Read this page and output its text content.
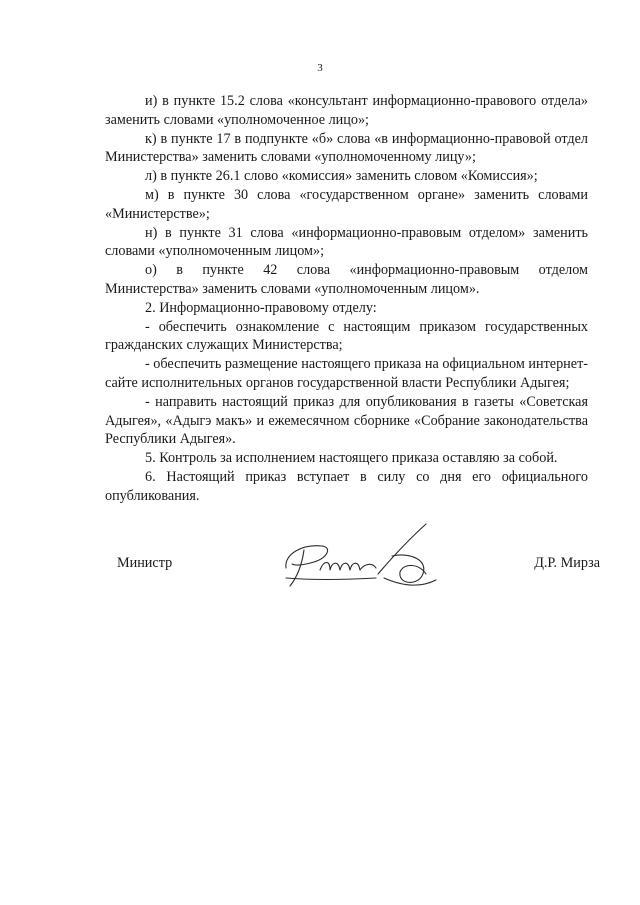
3

и) в пункте 15.2 слова «консультант информационно-правового отдела» заменить словами «уполномоченное лицо»;

к) в пункте 17 в подпункте «б» слова «в информационно-правовой отдел Министерства» заменить словами «уполномоченному лицу»;

л) в пункте 26.1 слово «комиссия» заменить словом «Комиссия»;

м) в пункте 30 слова «государственном органе» заменить словами «Министерстве»;

н) в пункте 31 слова «информационно-правовым отделом» заменить словами «уполномоченным лицом»;

о) в пункте 42 слова «информационно-правовым отделом Министерства» заменить словами «уполномоченным лицом».

2. Информационно-правовому отделу:

- обеспечить ознакомление с настоящим приказом государственных гражданских служащих Министерства;

- обеспечить размещение настоящего приказа на официальном интернет-сайте исполнительных органов государственной власти Республики Адыгея;

- направить настоящий приказ для опубликования в газеты «Советская Адыгея», «Адыгэ макъ» и ежемесячном сборнике «Собрание законодательства Республики Адыгея».

5. Контроль за исполнением настоящего приказа оставляю за собой.

6. Настоящий приказ вступает в силу со дня его официального опубликования.

Министр	Д.Р. Мирза
